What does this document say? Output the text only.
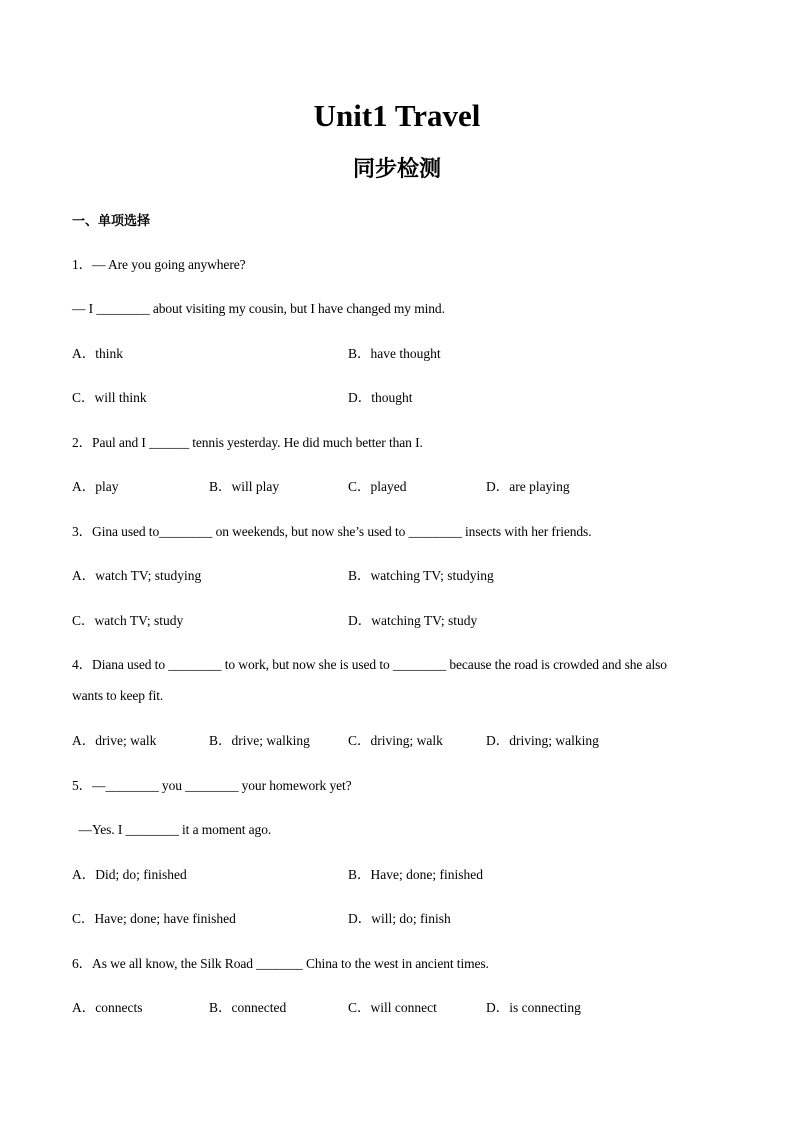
Unit1 Travel
同步检测
一、单项选择
1．— Are you going anywhere?
— I ________ about visiting my cousin, but I have changed my mind.
A．think	B．have thought
C．will think	D．thought
2．Paul and I ______ tennis yesterday. He did much better than I.
A．play	B．will play	C．played	D．are playing
3．Gina used to________ on weekends, but now she’s used to ________ insects with her friends.
A．watch TV; studying	B．watching TV; studying
C．watch TV; study	D．watching TV; study
4．Diana used to ________ to work, but now she is used to ________ because the road is crowded and she also
wants to keep fit.
A．drive; walk	B．drive; walking	C．driving; walk	D．driving; walking
5．—________ you ________ your homework yet?
—Yes. I ________ it a moment ago.
A．Did; do; finished	B．Have; done; finished
C．Have; done; have finished	D．will; do; finish
6．As we all know, the Silk Road _______ China to the west in ancient times.
A．connects	B．connected	C．will connect	D．is connecting
